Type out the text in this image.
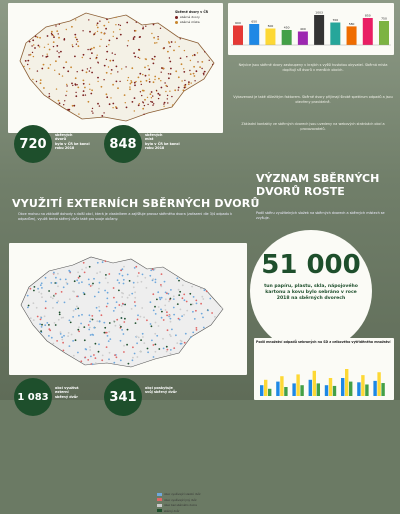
Sběrné dvory v ČR
sběrné dvory
sběrné místa	600	650
500	450	400
1003
700
580
850
750
Nejvíce jsou sběrné dvory zastoupeny v krajích s vyšší hustotou obyvatel. Sběrná místa doplňují síť dvorů v menších obcích.
Vybavenost je také důležitým faktorem. Sběrné dvory přijímají široké spektrum odpadů a jsou otevřeny pravidelně.
Základní kontakty ve sběrných dvorech jsou uvedeny na webových stránkách obcí a provozovatelů.
720
sběrných
dvorů
bylo v ČR ke konci
roku 2018	848
sběrných
míst
bylo v ČR ke konci
roku 2018
VYUŽITÍ EXTERNÍCH SBĚRNÝCH DVORŮ
Obce mohou na základě dohody s další obcí, která je vlastníkem a zajišťuje provoz sběrného dvora (zařazeni dle 3/4 odpadu k odpadům), využít tento sběrný dvůr také pro svoje občany.
VÝZNAM SBĚRNÝCH DVORŮ ROSTE
Podíl sběru využitelných složek na sběrných dvorech a sběrných místech se zvyšuje.
obec využívající vlastní dvůr
obec využívající jiný dvůr
obec bez sběrného dvora
sběrný dvůr
51 000
tun papíru, plastu, skla, nápojového kartonu a kovu bylo sebráno v roce 2018 na sběrných dvorech
1 083
obcí využívá
externí
sběrný dvůr	341
obcí poskytuje
svůj sběrný dvůr
Podíl množství odpadů sebraných na SD z celkového vytříděného množství
